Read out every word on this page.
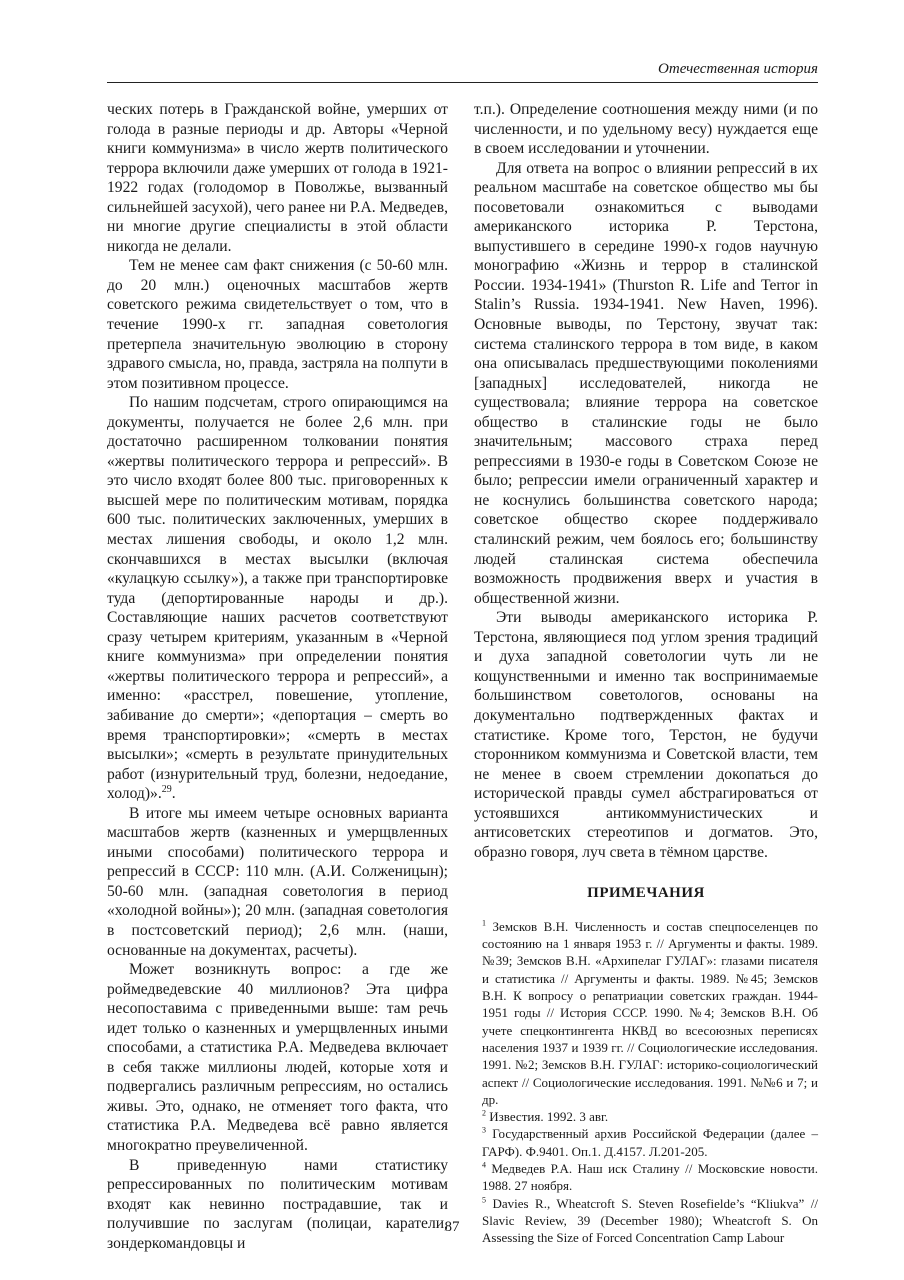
Отечественная история

ческих потерь в Гражданской войне, умерших от голода в разные периоды и др. Авторы «Черной книги коммунизма» в число жертв политического террора включили даже умерших от голода в 1921-1922 годах (голодомор в Поволжье, вызванный сильнейшей засухой), чего ранее ни Р.А. Медведев, ни многие другие специалисты в этой области никогда не делали.

Тем не менее сам факт снижения (с 50-60 млн. до 20 млн.) оценочных масштабов жертв советского режима свидетельствует о том, что в течение 1990-х гг. западная советология претерпела значительную эволюцию в сторону здравого смысла, но, правда, застряла на полпути в этом позитивном процессе.

По нашим подсчетам, строго опирающимся на документы, получается не более 2,6 млн. при достаточно расширенном толковании понятия «жертвы политического террора и репрессий». В это число входят более 800 тыс. приговоренных к высшей мере по политическим мотивам, порядка 600 тыс. политических заключенных, умерших в местах лишения свободы, и около 1,2 млн. скончавшихся в местах высылки (включая «кулацкую ссылку»), а также при транспортировке туда (депортированные народы и др.). Составляющие наших расчетов соответствуют сразу четырем критериям, указанным в «Черной книге коммунизма» при определении понятия «жертвы политического террора и репрессий», а именно: «расстрел, повешение, утопление, забивание до смерти»; «депортация – смерть во время транспортировки»; «смерть в местах высылки»; «смерть в результате принудительных работ (изнурительный труд, болезни, недоедание, холод)».$^{29}$.

В итоге мы имеем четыре основных варианта масштабов жертв (казненных и умерщвленных иными способами) политического террора и репрессий в СССР: 110 млн. (А.И. Солженицын); 50-60 млн. (западная советология в период «холодной войны»); 20 млн. (западная советология в постсоветский период); 2,6 млн. (наши, основанные на документах, расчеты).

Может возникнуть вопрос: а где же роймедведевские 40 миллионов? Эта цифра несопоставима с приведенными выше: там речь идет только о казненных и умерщвленных иными способами, а статистика Р.А. Медведева включает в себя также миллионы людей, которые хотя и подвергались различным репрессиям, но остались живы. Это, однако, не отменяет того факта, что статистика Р.А. Медведева всё равно является многократно преувеличенной.

В приведенную нами статистику репрессированных по политическим мотивам входят как невинно пострадавшие, так и получившие по заслугам (полицаи, каратели, зондеркомандовцы и

т.п.). Определение соотношения между ними (и по численности, и по удельному весу) нуждается еще в своем исследовании и уточнении.

Для ответа на вопрос о влиянии репрессий в их реальном масштабе на советское общество мы бы посоветовали ознакомиться с выводами американского историка Р. Терстона, выпустившего в середине 1990-х годов научную монографию «Жизнь и террор в сталинской России. 1934-1941» (Thurston R. Life and Terror in Stalin’s Russia. 1934-1941. New Haven, 1996). Основные выводы, по Терстону, звучат так: система сталинского террора в том виде, в каком она описывалась предшествующими поколениями [западных] исследователей, никогда не существовала; влияние террора на советское общество в сталинские годы не было значительным; массового страха перед репрессиями в 1930-е годы в Советском Союзе не было; репрессии имели ограниченный характер и не коснулись большинства советского народа; советское общество скорее поддерживало сталинский режим, чем боялось его; большинству людей сталинская система обеспечила возможность продвижения вверх и участия в общественной жизни.

Эти выводы американского историка Р. Терстона, являющиеся под углом зрения традиций и духа западной советологии чуть ли не кощунственными и именно так воспринимаемые большинством советологов, основаны на документально подтвержденных фактах и статистике. Кроме того, Терстон, не будучи сторонником коммунизма и Советской власти, тем не менее в своем стремлении докопаться до исторической правды сумел абстрагироваться от устоявшихся антикоммунистических и антисоветских стереотипов и догматов. Это, образно говоря, луч света в тёмном царстве.

ПРИМЕЧАНИЯ

$^1$ Земсков В.Н. Численность и состав спецпоселенцев по состоянию на 1 января 1953 г. // Аргументы и факты. 1989. №39; Земсков В.Н. «Архипелаг ГУЛАГ»: глазами писателя и статистика // Аргументы и факты. 1989. №45; Земсков В.Н. К вопросу о репатриации советских граждан. 1944-1951 годы // История СССР. 1990. №4; Земсков В.Н. Об учете спецконтингента НКВД во всесоюзных переписях населения 1937 и 1939 гг. // Социологические исследования. 1991. №2; Земсков В.Н. ГУЛАГ: историко-социологический аспект // Социологические исследования. 1991. №№6 и 7; и др.

$^2$ Известия. 1992. 3 авг.

$^3$ Государственный архив Российской Федерации (далее – ГАРФ). Ф.9401. Оп.1. Д.4157. Л.201-205.

$^4$ Медведев Р.А. Наш иск Сталину // Московские новости. 1988. 27 ноября.

$^5$ Davies R., Wheatcroft S. Steven Rosefielde’s “Kliukva” // Slavic Review, 39 (December 1980); Wheatcroft S. On Assessing the Size of Forced Concentration Camp Labour

87
